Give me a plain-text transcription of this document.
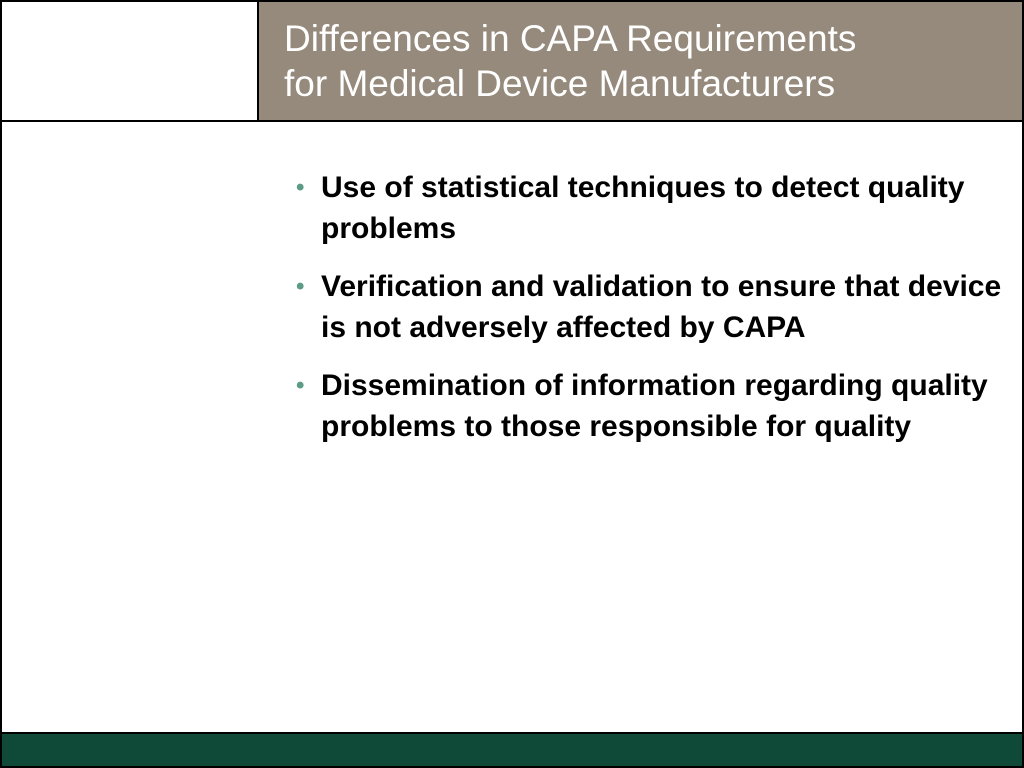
Differences in CAPA Requirements
for Medical Device Manufacturers
• Use of statistical techniques to detect quality problems
• Verification and validation to ensure that device is not adversely affected by CAPA
• Dissemination of information regarding quality problems to those responsible for quality
